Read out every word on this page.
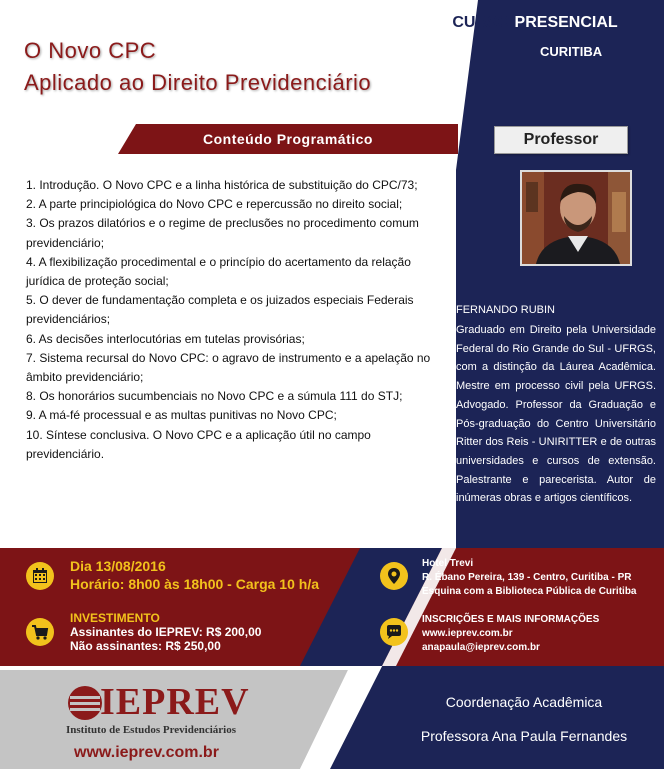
O Novo CPC
Aplicado ao Direito Previdenciário
CURSO PRESENCIAL
CURITIBA
Conteúdo Programático	Professor
1. Introdução. O Novo CPC e a linha histórica de substituição do CPC/73;
2. A parte principiológica do Novo CPC e repercussão no direito social;
3. Os prazos dilatórios e o regime de preclusões no procedimento comum previdenciário;
4. A flexibilização procedimental e o princípio do acertamento da relação jurídica de proteção social;
5. O dever de fundamentação completa e os juizados especiais Federais previdenciários;
6. As decisões interlocutórias em tutelas provisórias;
7. Sistema recursal do Novo CPC: o agravo de instrumento e a apelação no âmbito previdenciário;
8. Os honorários sucumbenciais no Novo CPC e a súmula 111 do STJ;
9. A má-fé processual e as multas punitivas no Novo CPC;
10. Síntese conclusiva. O Novo CPC e a aplicação útil no campo previdenciário.
FERNANDO RUBIN
Graduado em Direito pela Universidade Federal do Rio Grande do Sul - UFRGS, com a distinção da Láurea Acadêmica. Mestre em processo civil pela UFRGS. Advogado. Professor da Graduação e Pós-graduação do Centro Universitário Ritter dos Reis - UNIRITTER e de outras universidades e cursos de extensão. Palestrante e parecerista. Autor de inúmeras obras e artigos científicos.
Dia 13/08/2016
Horário: 8h00 às 18h00 - Carga 10 h/a
Hotel Trevi
R. Ébano Pereira, 139 - Centro, Curitiba - PR
Esquina com a Biblioteca Pública de Curitiba
INVESTIMENTO
Assinantes do IEPREV: R$ 200,00
Não assinantes: R$ 250,00
INSCRIÇÕES E MAIS INFORMAÇÕES
www.ieprev.com.br
anapaula@ieprev.com.br
IEPREV
Instituto de Estudos Previdenciários
www.ieprev.com.br
Coordenação Acadêmica
Professora Ana Paula Fernandes
